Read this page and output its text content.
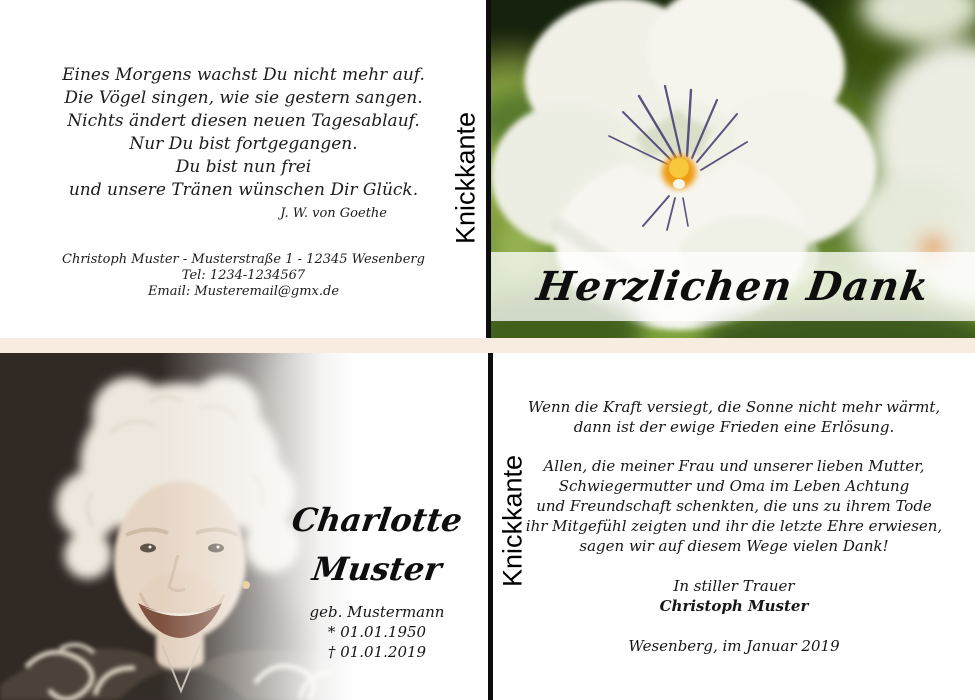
Eines Morgens wachst Du nicht mehr auf.
Die Vögel singen, wie sie gestern sangen.
Nichts ändert diesen neuen Tagesablauf.
Nur Du bist fortgegangen.
Du bist nun frei
und unsere Tränen wünschen Dir Glück.
J. W. von Goethe
Christoph Muster - Musterstraße 1 - 12345 Wesenberg
Tel: 1234-1234567
Email: Musteremail@gmx.de	Herzlichen Dank
Knickkante
Knickkante
Charlotte
Muster
geb. Mustermann
* 01.01.1950
† 01.01.2019
Wenn die Kraft versiegt, die Sonne nicht mehr wärmt,
dann ist der ewige Frieden eine Erlösung.
Allen, die meiner Frau und unserer lieben Mutter,
Schwiegermutter und Oma im Leben Achtung
und Freundschaft schenkten, die uns zu ihrem Tode
ihr Mitgefühl zeigten und ihr die letzte Ehre erwiesen,
sagen wir auf diesem Wege vielen Dank!
In stiller Trauer
Christoph Muster
Wesenberg, im Januar 2019
